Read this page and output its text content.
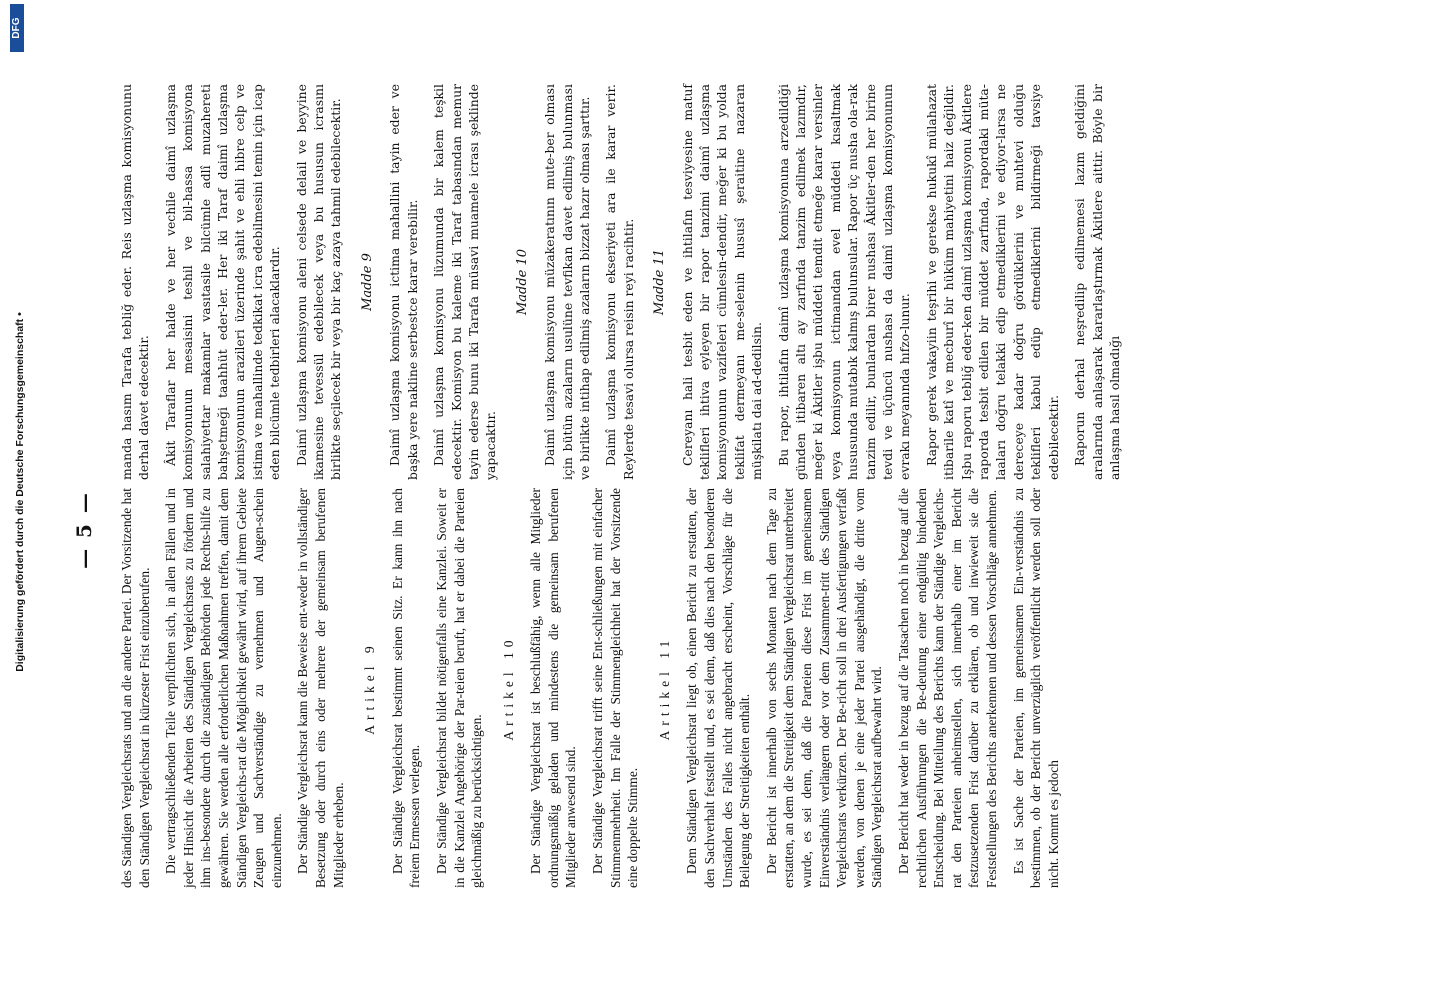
Digitalisierung gefördert durch die Deutsche Forschungsgemeinschaft •
DFG
— 5 — des Ständigen Vergleichsrats und an die andere Partei. Der Vorsitzende hat den Ständigen Vergleichsrat in kürzester Frist einzuberufen. Die vertragschließenden Teile verpflichten sich, in allen Fällen und in jeder Hinsicht die Arbeiten des Ständigen Vergleichsrats zu fördern und ihm ins-besondere durch die zuständigen Behörden jede Rechts-hilfe zu gewähren. Sie werden alle erforderlichen Maßnahmen treffen, damit dem Ständigen Vergleichs-rat die Möglichkeit gewährt wird, auf ihrem Gebiete Zeugen und Sachverständige zu vernehmen und Augen-schein einzunehmen. Der Ständige Vergleichsrat kann die Beweise ent-weder in vollständiger Besetzung oder durch eins oder mehrere der gemeinsam berufenen Mitglieder erheben.

Artikel 9 Der Ständige Vergleichsrat bestimmt seinen Sitz. Er kann ihn nach freiem Ermessen verlegen. Der Ständige Vergleichsrat bildet nötigenfalls eine Kanzlei. Soweit er in die Kanzlei Angehörige der Par-teien beruft, hat er dabei die Parteien gleichmäßig zu berücksichtigen.

Artikel 10 Der Ständige Vergleichsrat ist beschlußfähig, wenn alle Mitglieder ordnungsmäßig geladen und mindestens die gemeinsam berufenen Mitglieder anwesend sind. Der Ständige Vergleichsrat trifft seine Ent-schließungen mit einfacher Stimmenmehrheit. Im Falle der Stimmengleichheit hat der Vorsitzende eine doppelte Stimme.

Artikel 11 Dem Ständigen Vergleichsrat liegt ob, einen Bericht zu erstatten, der den Sachverhalt feststellt und, es sei denn, daß dies nach den besonderen Umständen des Falles nicht angebracht erscheint, Vorschläge für die Beilegung der Streitigkeiten enthält. Der Bericht ist innerhalb von sechs Monaten nach dem Tage zu erstatten, an dem die Streitigkeit dem Ständigen Vergleichsrat unterbreitet wurde, es sei denn, daß die Parteien diese Frist im gemeinsamen Einverständnis verlängern oder vor dem Zusammen-tritt des Ständigen Vergleichsrats verkürzen. Der Be-richt soll in drei Ausfertigungen verfaßt werden, von denen je eine jeder Partei ausgehändigt, die dritte vom Ständigen Vergleichsrat aufbewahrt wird. Der Bericht hat weder in bezug auf die Tatsachen noch in bezug auf die rechtlichen Ausführungen die Be-deutung einer endgültig bindenden Entscheidung. Bei Mitteilung des Berichts kann der Ständige Vergleichs-rat den Parteien anheimstellen, sich innerhalb einer im Bericht festzusetzenden Frist darüber zu erklären, ob und inwieweit sie die Feststellungen des Berichts anerkennen und dessen Vorschläge annehmen. Es ist Sache der Parteien, im gemeinsamen Ein-verständnis zu bestimmen, ob der Bericht unverzüglich veröffentlicht werden soll oder nicht. Kommt es jedoch

manda hasım Tarafa tebliğ eder. Reis uzlaşma komisyonunu derhal davet edecektir. Âkit Taraflar her halde ve her vechile daimî uzlaşma komisyonunun mesaisini teshil ve bil-hassa komisyona salahiyettar makamlar vasıtasile bilcümle adlî muzahereti bahşetmeği taahhüt eder-ler. Her iki Taraf daimî uzlaşma komisyonunun arazileri üzerinde şahit ve ehli hibre celp ve istima ve mahallinde tedkikat icra edebilmesini temin için icap eden bilcümle tedbirleri alacaklardır. Daimî uzlaşma komisyonu aleni celsede delail ve beyyine ikamesine tevessül edebilecek veya bu hususun icrasını birlikte seçilecek bir veya bir kaç azaya tahmil edebilecektir. Madde 9 Daimî uzlaşma komisyonu ictima mahallini tayin eder ve başka yere nakline serbestce karar verebilir. Daimî uzlaşma komisyonu lüzumunda bir kalem teşkil edecektir. Komisyon bu kaleme iki Taraf tabasından memur tayin ederse bunu iki Tarafa müsavi muamele icrası şeklinde yapacaktır.

Madde 10 Daimî uzlaşma komisyonu müzakeratının mute-ber olması için bütün azaların usulüne tevfikan davet edilmiş bulunması ve birlikte intihap edilmiş azaların bizzat hazır olması şarttır. Daimî uzlaşma komisyonu ekseriyeti ara ile karar verir. Reylerde tesavi olursa reisin reyi racihtir. Madde 11 Cereyanı hali tesbit eden ve ihtilafın tesviyesine matuf teklifleri ihtiva eyleyen bir rapor tanzimi daimî uzlaşma komisyonunun vazifeleri cümlesin-dendir, meğer ki bu yolda teklifat dermeyanı me-selenin hususî şeraitine nazaran müşkilatı dai ad-dedilsin. Bu rapor, ihtilafın daimî uzlaşma komisyonuna arzedildiği günden itibaren altı ay zarfında tanzim edilmek lazımdır, meğer ki Âkitler işbu müddeti temdit etmeğe karar versinler veya komisyonun ictimaından evel müddeti kısaltmak hususunda mutabık kalmış bulunsular. Rapor üç nusha ola-rak tanzim edilir, bunlardan birer nushası Âkitler-den her birine tevdi ve üçüncü nushası da daimî uzlaşma komisyonunun evrakı meyanında hıfzo-lunur. Rapor gerek vakayiin teşrihi ve gerekse hukukî mülahazat itibarile katî ve mecburî bir hüküm mahiyetini haiz değildir. Işbu raporu tebliğ eder-ken daimî uzlaşma komisyonu Âkitlere raporda tesbit edilen bir müddet zarfında, rapordaki müta-laaları doğru telakki edip etmediklerini ve ediyor-larsa ne dereceye kadar doğru gördüklerini ve muhtevi olduğu teklifleri kabul edüp etmediklerini bildirmeği tavsiye edebilecektir. Raporun derhal neşredilip edilmemesi lazım geldiğini aralarında anlaşarak kararlaştırmak Âkitlere aittir. Böyle bir anlaşma hasıl olmadığı
